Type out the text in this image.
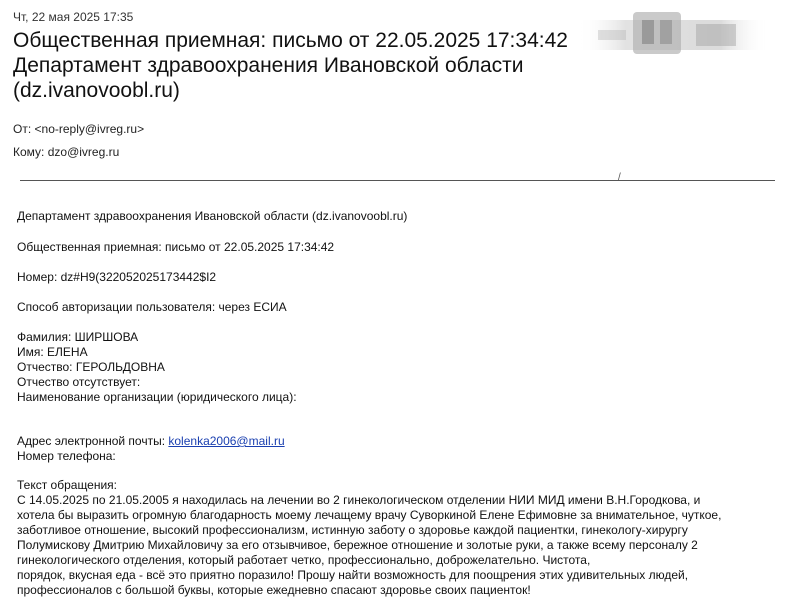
Чт, 22 мая 2025 17:35
Общественная приемная: письмо от 22.05.2025 17:34:42
Департамент здравоохранения Ивановской области
(dz.ivanovoobl.ru)
От: <no-reply@ivreg.ru>
Кому: dzo@ivreg.ru
/
Департамент здравоохранения Ивановской области (dz.ivanovoobl.ru)
Общественная приемная: письмо от 22.05.2025 17:34:42
Номер: dz#H9(322052025173442$I2
Способ авторизации пользователя: через ЕСИА
Фамилия: ШИРШОВА
Имя: ЕЛЕНА
Отчество: ГЕРОЛЬДОВНА
Отчество отсутствует:
Наименование организации (юридического лица):
Адрес электронной почты: kolenka2006@mail.ru
Номер телефона:
Текст обращения:
С 14.05.2025 по 21.05.2005 я находилась на лечении во 2 гинекологическом отделении НИИ МИД имени В.Н.Городкова, и
хотела бы выразить огромную благодарность моему лечащему врачу Суворкиной Елене Ефимовне за внимательное, чуткое,
заботливое отношение, высокий профессионализм, истинную заботу о здоровье каждой пациентки, гинекологу-хирургу
Полумискову Дмитрию Михайловичу за его отзывчивое, бережное отношение и золотые руки, а также всему персоналу 2
гинекологического отделения, который работает четко, профессионально, доброжелательно. Чистота,
порядок, вкусная еда - всё это приятно поразило! Прошу найти возможность для поощрения этих удивительных людей,
профессионалов с большой буквы, которые ежедневно спасают здоровье своих пациенток!
